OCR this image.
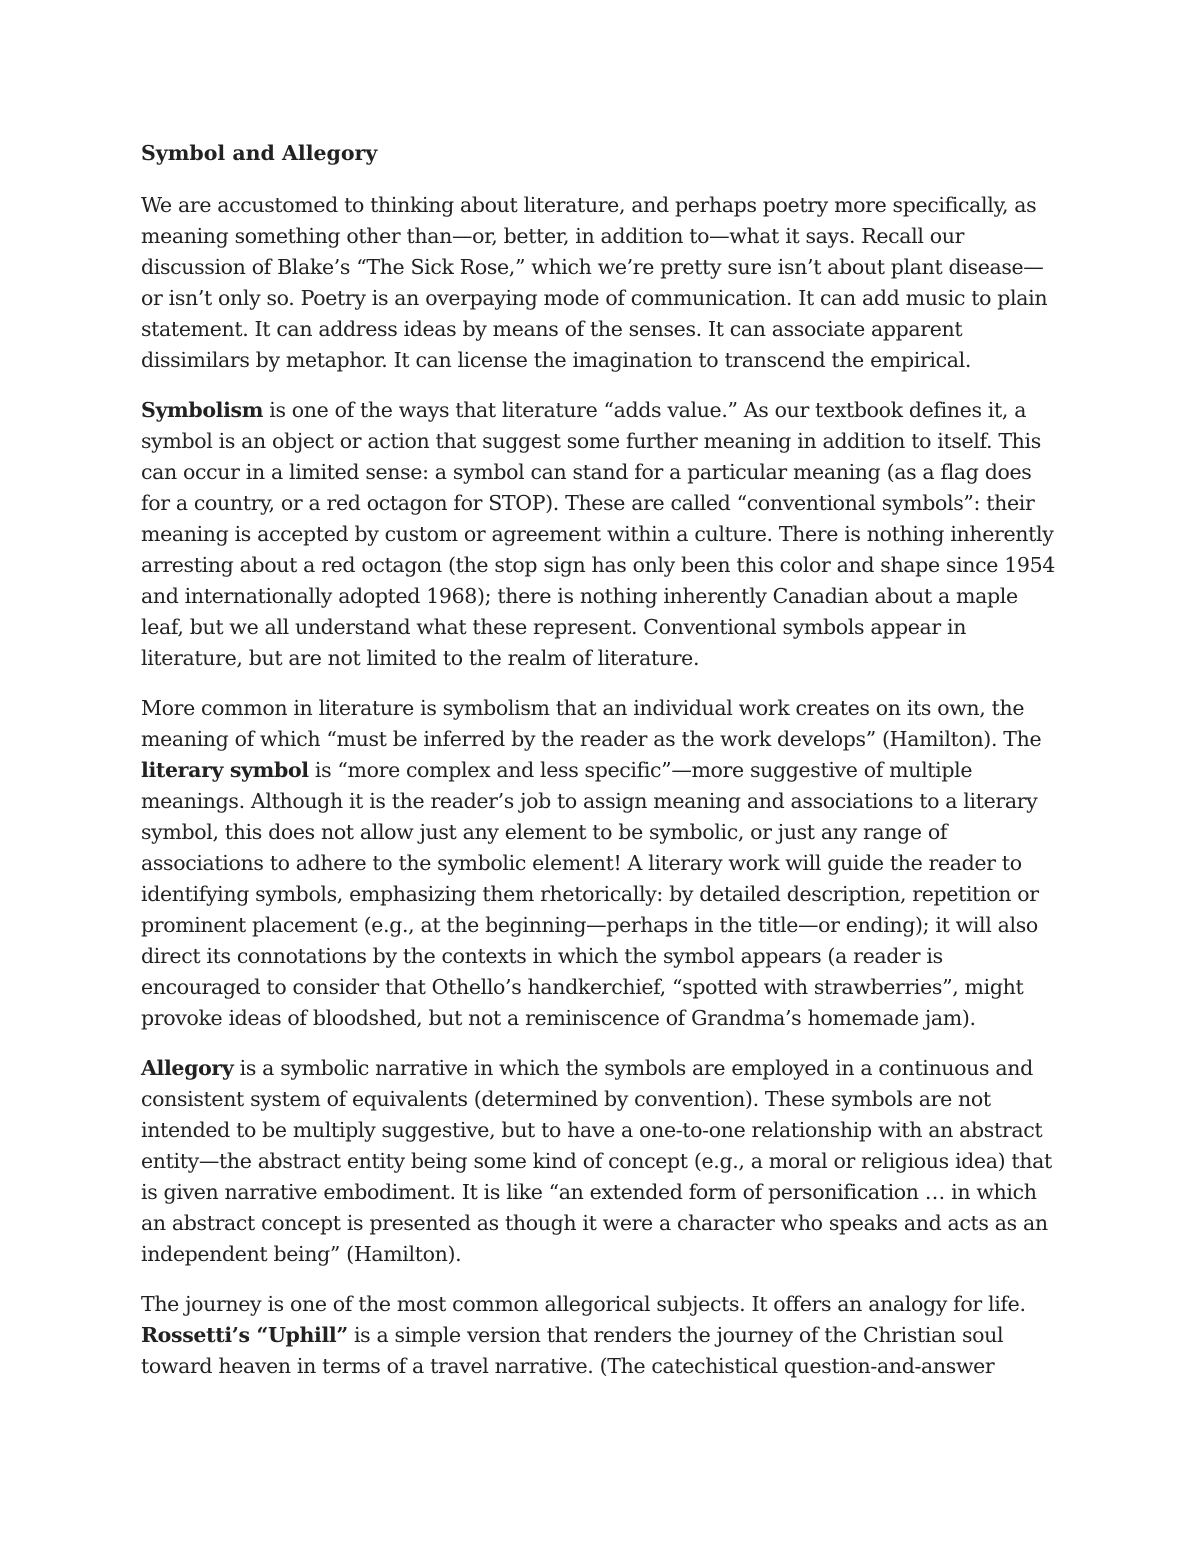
Symbol and Allegory

We are accustomed to thinking about literature, and perhaps poetry more specifically, as meaning something other than—or, better, in addition to—what it says. Recall our discussion of Blake’s “The Sick Rose,” which we’re pretty sure isn’t about plant disease—or isn’t only so. Poetry is an overpaying mode of communication. It can add music to plain statement. It can address ideas by means of the senses. It can associate apparent dissimilars by metaphor. It can license the imagination to transcend the empirical.

Symbolism is one of the ways that literature “adds value.” As our textbook defines it, a symbol is an object or action that suggest some further meaning in addition to itself. This can occur in a limited sense: a symbol can stand for a particular meaning (as a flag does for a country, or a red octagon for STOP). These are called “conventional symbols”: their meaning is accepted by custom or agreement within a culture. There is nothing inherently arresting about a red octagon (the stop sign has only been this color and shape since 1954 and internationally adopted 1968); there is nothing inherently Canadian about a maple leaf, but we all understand what these represent. Conventional symbols appear in literature, but are not limited to the realm of literature.

More common in literature is symbolism that an individual work creates on its own, the meaning of which “must be inferred by the reader as the work develops” (Hamilton). The literary symbol is “more complex and less specific”—more suggestive of multiple meanings. Although it is the reader’s job to assign meaning and associations to a literary symbol, this does not allow just any element to be symbolic, or just any range of associations to adhere to the symbolic element! A literary work will guide the reader to identifying symbols, emphasizing them rhetorically: by detailed description, repetition or prominent placement (e.g., at the beginning—perhaps in the title—or ending); it will also direct its connotations by the contexts in which the symbol appears (a reader is encouraged to consider that Othello’s handkerchief, “spotted with strawberries”, might provoke ideas of bloodshed, but not a reminiscence of Grandma’s homemade jam).

Allegory is a symbolic narrative in which the symbols are employed in a continuous and consistent system of equivalents (determined by convention). These symbols are not intended to be multiply suggestive, but to have a one-to-one relationship with an abstract entity—the abstract entity being some kind of concept (e.g., a moral or religious idea) that is given narrative embodiment. It is like “an extended form of personification … in which an abstract concept is presented as though it were a character who speaks and acts as an independent being” (Hamilton).

The journey is one of the most common allegorical subjects. It offers an analogy for life. Rossetti’s “Uphill” is a simple version that renders the journey of the Christian soul toward heaven in terms of a travel narrative. (The catechistical question-and-answer
